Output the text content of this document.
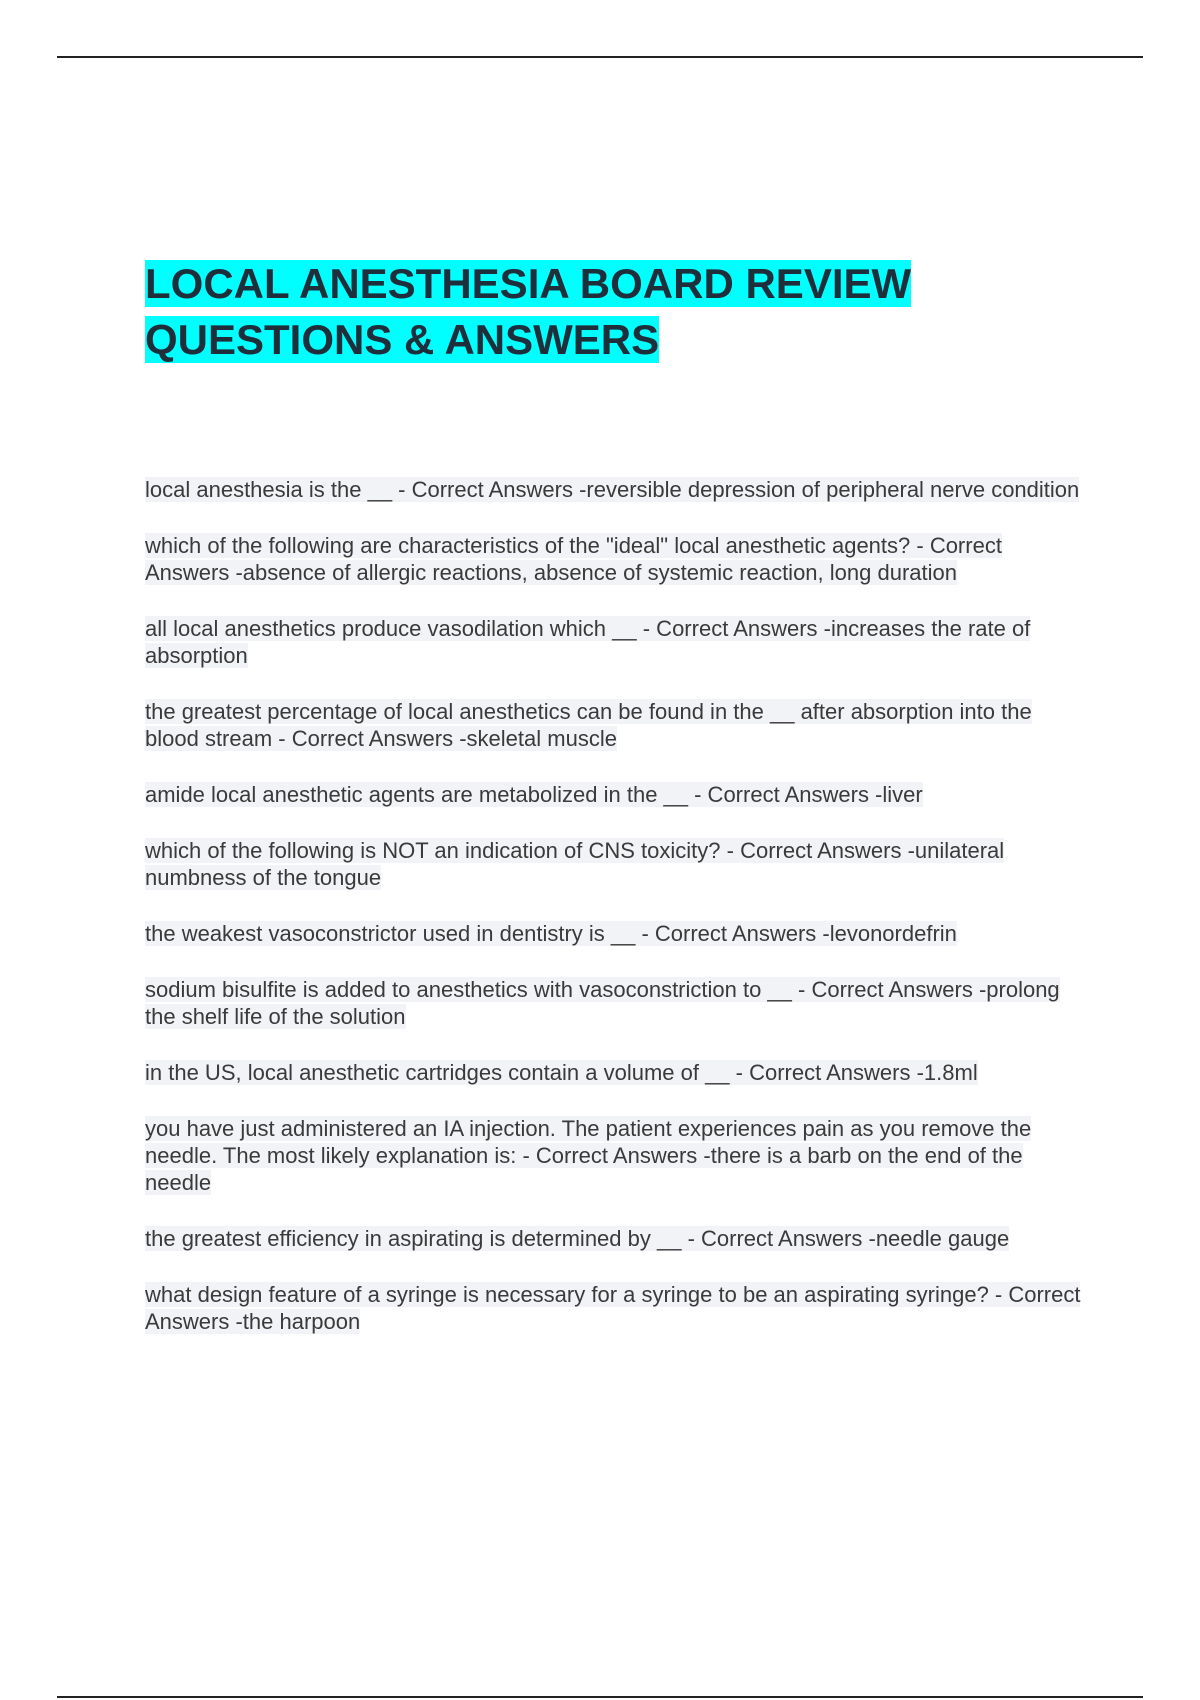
LOCAL ANESTHESIA BOARD REVIEW QUESTIONS & ANSWERS
local anesthesia is the __ - Correct Answers -reversible depression of peripheral nerve condition
which of the following are characteristics of the "ideal" local anesthetic agents? - Correct Answers -absence of allergic reactions, absence of systemic reaction, long duration
all local anesthetics produce vasodilation which __ - Correct Answers -increases the rate of absorption
the greatest percentage of local anesthetics can be found in the __ after absorption into the blood stream - Correct Answers -skeletal muscle
amide local anesthetic agents are metabolized in the __ - Correct Answers -liver
which of the following is NOT an indication of CNS toxicity? - Correct Answers -unilateral numbness of the tongue
the weakest vasoconstrictor used in dentistry is __ - Correct Answers -levonordefrin
sodium bisulfite is added to anesthetics with vasoconstriction to __ - Correct Answers -prolong the shelf life of the solution
in the US, local anesthetic cartridges contain a volume of __ - Correct Answers -1.8ml
you have just administered an IA injection. The patient experiences pain as you remove the needle. The most likely explanation is: - Correct Answers -there is a barb on the end of the needle
the greatest efficiency in aspirating is determined by __ - Correct Answers -needle gauge
what design feature of a syringe is necessary for a syringe to be an aspirating syringe? - Correct Answers -the harpoon
